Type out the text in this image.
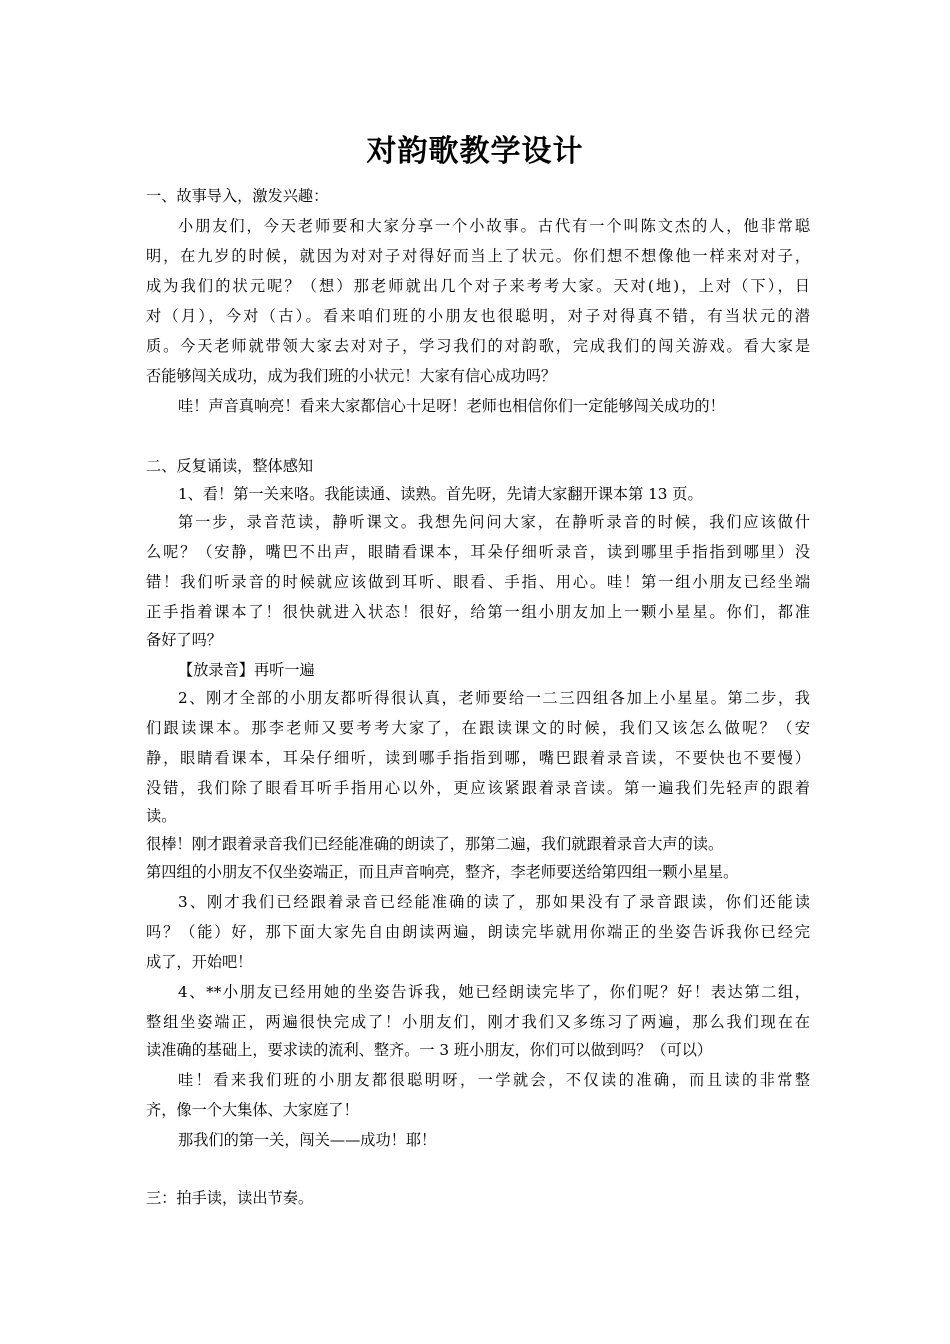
对韵歌教学设计
一、故事导入，激发兴趣：
小朋友们，今天老师要和大家分享一个小故事。古代有一个叫陈文杰的人，他非常聪
明，在九岁的时候，就因为对对子对得好而当上了状元。你们想不想像他一样来对对子，
成为我们的状元呢？（想）那老师就出几个对子来考考大家。天对(地)，上对（下），日
对（月），今对（古）。看来咱们班的小朋友也很聪明，对子对得真不错，有当状元的潜
质。今天老师就带领大家去对对子，学习我们的对韵歌，完成我们的闯关游戏。看大家是
否能够闯关成功，成为我们班的小状元！大家有信心成功吗？
哇！声音真响亮！看来大家都信心十足呀！老师也相信你们一定能够闯关成功的！
二、反复诵读，整体感知
1、看！第一关来咯。我能读通、读熟。首先呀，先请大家翻开课本第 13 页。
第一步，录音范读，静听课文。我想先问问大家，在静听录音的时候，我们应该做什
么呢？（安静，嘴巴不出声，眼睛看课本，耳朵仔细听录音，读到哪里手指指到哪里）没
错！我们听录音的时候就应该做到耳听、眼看、手指、用心。哇！第一组小朋友已经坐端
正手指着课本了！很快就进入状态！很好，给第一组小朋友加上一颗小星星。你们，都准
备好了吗？
【放录音】再听一遍
2、刚才全部的小朋友都听得很认真，老师要给一二三四组各加上小星星。第二步，我
们跟读课本。那李老师又要考考大家了，在跟读课文的时候，我们又该怎么做呢？（安
静，眼睛看课本，耳朵仔细听，读到哪手指指到哪，嘴巴跟着录音读，不要快也不要慢）
没错，我们除了眼看耳听手指用心以外，更应该紧跟着录音读。第一遍我们先轻声的跟着
读。
很棒！刚才跟着录音我们已经能准确的朗读了，那第二遍，我们就跟着录音大声的读。
第四组的小朋友不仅坐姿端正，而且声音响亮，整齐，李老师要送给第四组一颗小星星。
3、刚才我们已经跟着录音已经能准确的读了，那如果没有了录音跟读，你们还能读
吗？（能）好，那下面大家先自由朗读两遍，朗读完毕就用你端正的坐姿告诉我你已经完
成了，开始吧！
4、**小朋友已经用她的坐姿告诉我，她已经朗读完毕了，你们呢？好！表达第二组，
整组坐姿端正，两遍很快完成了！小朋友们，刚才我们又多练习了两遍，那么我们现在在
读准确的基础上，要求读的流利、整齐。一 3 班小朋友，你们可以做到吗？（可以）
哇！看来我们班的小朋友都很聪明呀，一学就会，不仅读的准确，而且读的非常整
齐，像一个大集体、大家庭了！
那我们的第一关，闯关——成功！耶！
三：拍手读，读出节奏。
